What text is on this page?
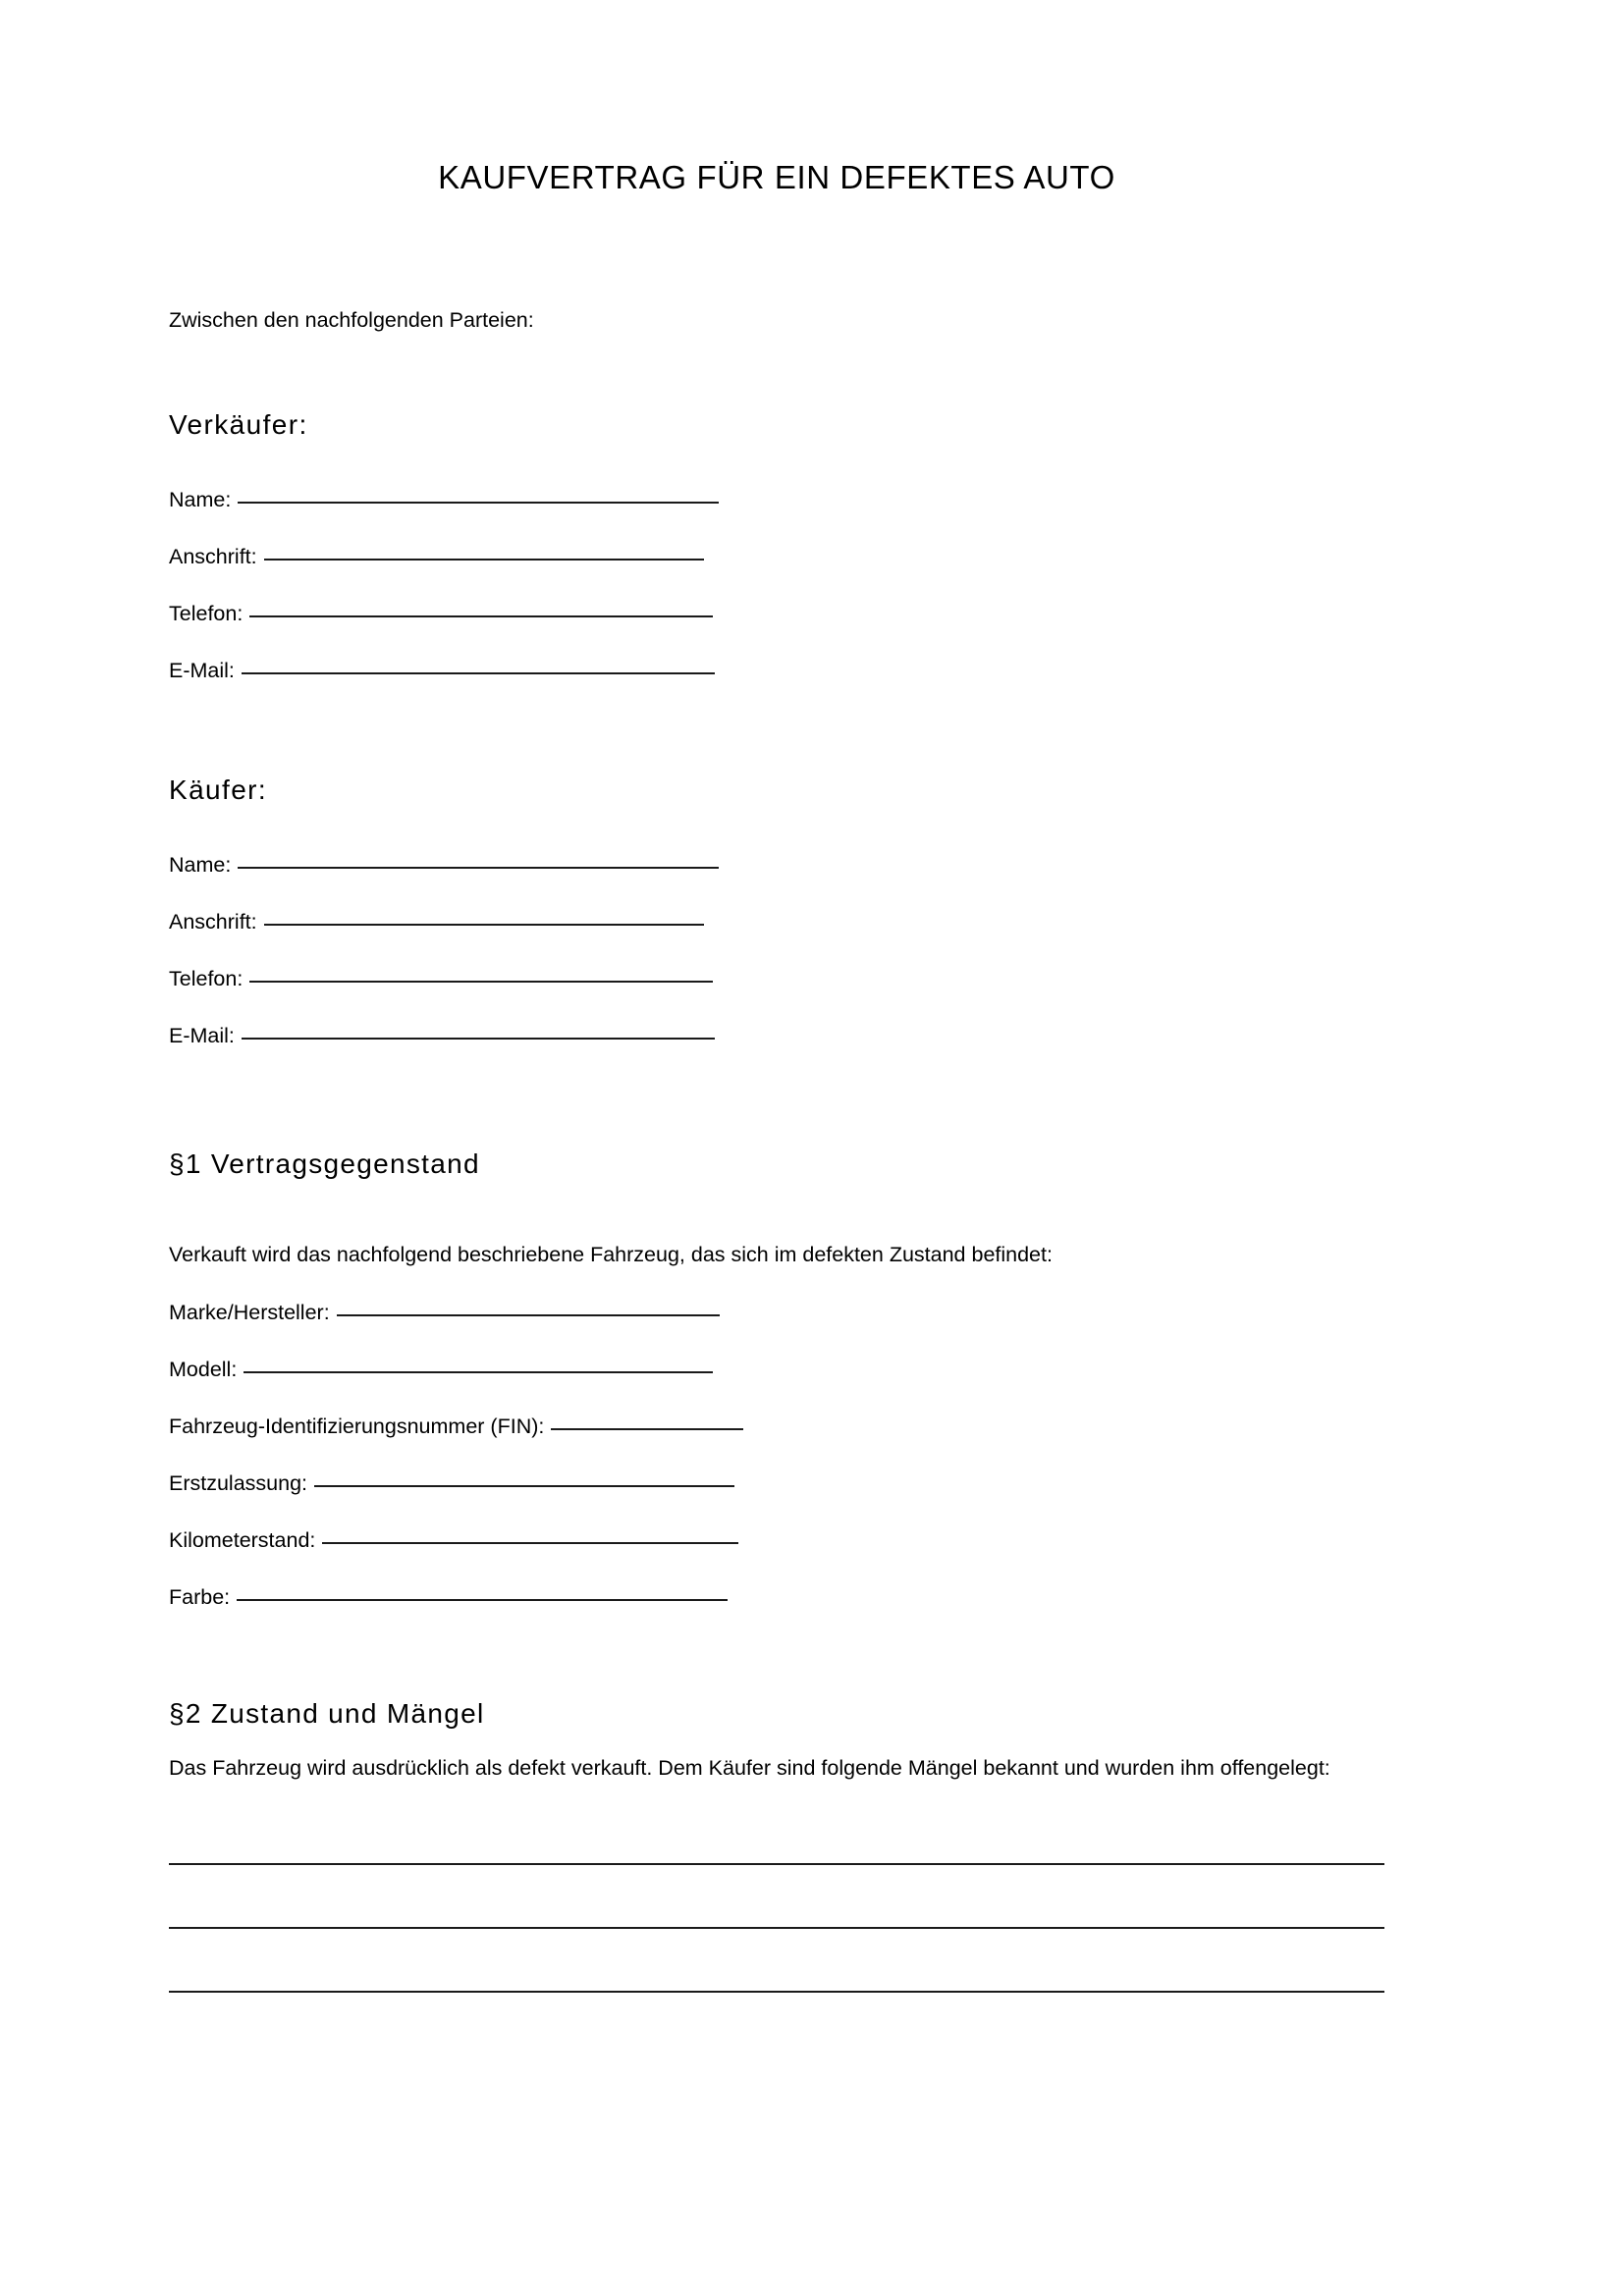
KAUFVERTRAG FÜR EIN DEFEKTES AUTO
Zwischen den nachfolgenden Parteien:
Verkäufer:
Name:
Anschrift:
Telefon:
E-Mail:
Käufer:
Name:
Anschrift:
Telefon:
E-Mail:
§1 Vertragsgegenstand
Verkauft wird das nachfolgend beschriebene Fahrzeug, das sich im defekten Zustand befindet:
Marke/Hersteller:
Modell:
Fahrzeug-Identifizierungsnummer (FIN):
Erstzulassung:
Kilometerstand:
Farbe:
§2 Zustand und Mängel
Das Fahrzeug wird ausdrücklich als defekt verkauft. Dem Käufer sind folgende Mängel bekannt und wurden ihm offengelegt:
